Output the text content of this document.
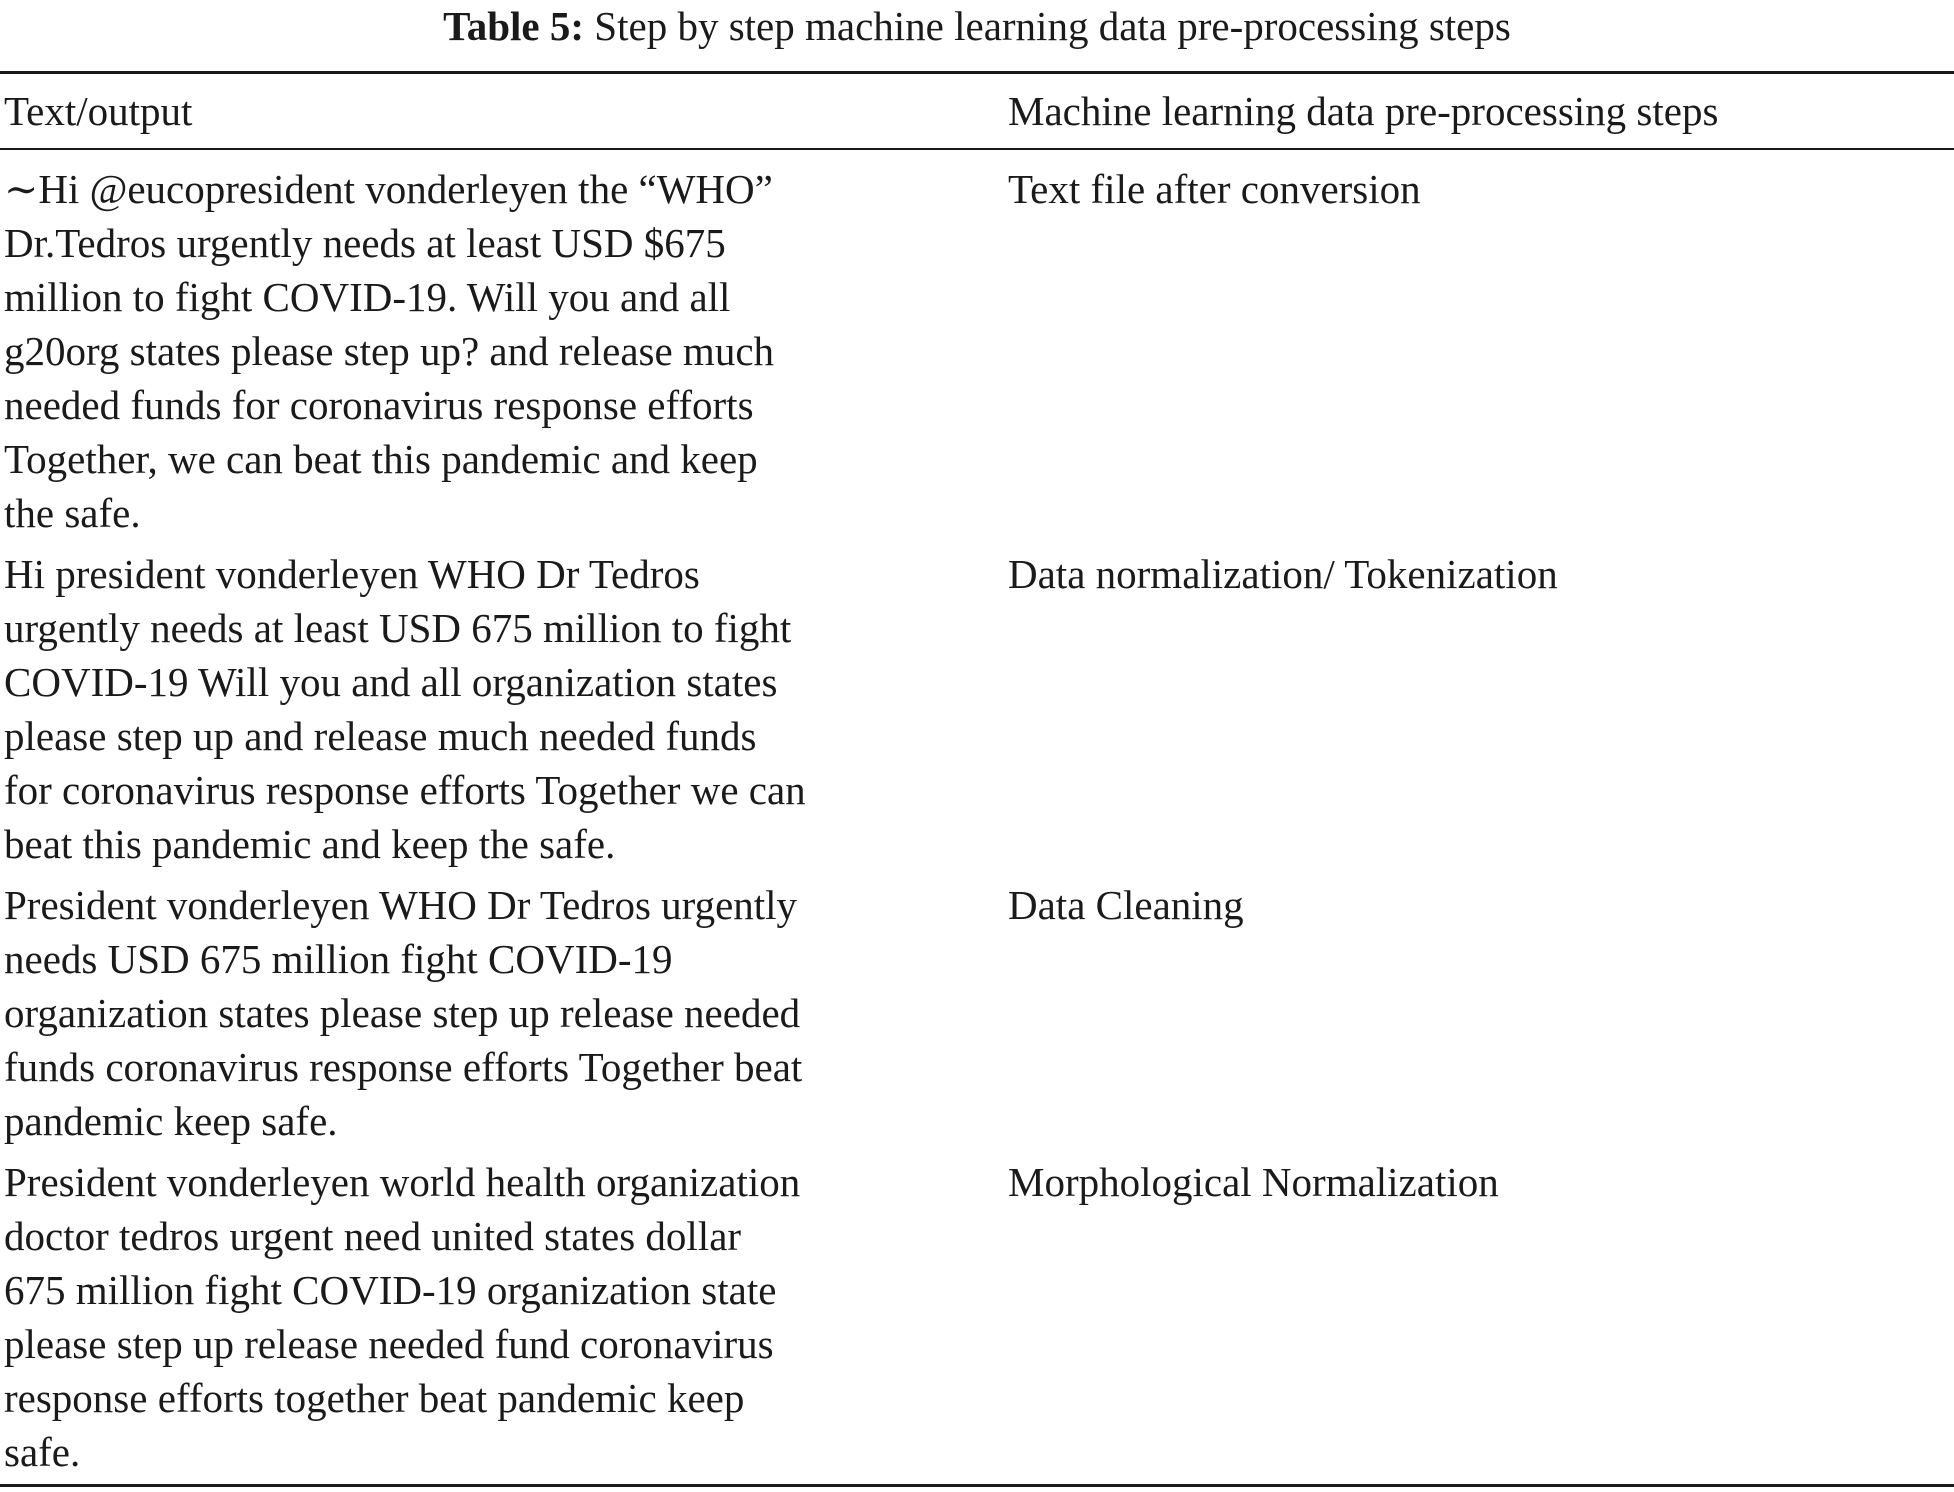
Table 5: Step by step machine learning data pre-processing steps
Text/output	Machine learning data pre-processing steps
∼Hi @eucopresident vonderleyen the “WHO”
Dr.Tedros urgently needs at least USD $675
million to fight COVID-19. Will you and all
g20org states please step up? and release much
needed funds for coronavirus response efforts
Together, we can beat this pandemic and keep
the safe.
Text file after conversion
Hi president vonderleyen WHO Dr Tedros
urgently needs at least USD 675 million to fight
COVID-19 Will you and all organization states
please step up and release much needed funds
for coronavirus response efforts Together we can
beat this pandemic and keep the safe.
Data normalization/ Tokenization
President vonderleyen WHO Dr Tedros urgently
needs USD 675 million fight COVID-19
organization states please step up release needed
funds coronavirus response efforts Together beat
pandemic keep safe.
Data Cleaning
President vonderleyen world health organization
doctor tedros urgent need united states dollar
675 million fight COVID-19 organization state
please step up release needed fund coronavirus
response efforts together beat pandemic keep
safe.
Morphological Normalization
